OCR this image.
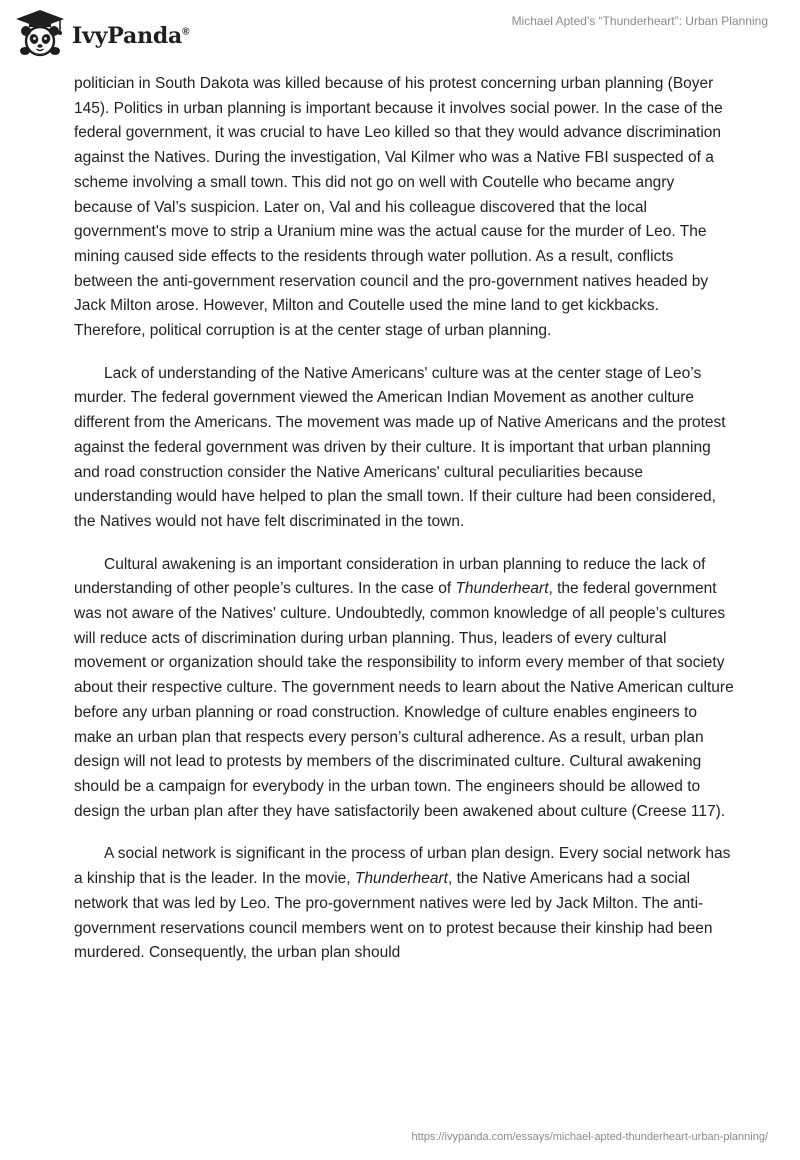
IvyPanda®
Michael Apted's “Thunderheart”: Urban Planning

politician in South Dakota was killed because of his protest concerning urban planning (Boyer 145). Politics in urban planning is important because it involves social power. In the case of the federal government, it was crucial to have Leo killed so that they would advance discrimination against the Natives. During the investigation, Val Kilmer who was a Native FBI suspected of a scheme involving a small town. This did not go on well with Coutelle who became angry because of Val’s suspicion. Later on, Val and his colleague discovered that the local government's move to strip a Uranium mine was the actual cause for the murder of Leo. The mining caused side effects to the residents through water pollution. As a result, conflicts between the anti-government reservation council and the pro-government natives headed by Jack Milton arose. However, Milton and Coutelle used the mine land to get kickbacks. Therefore, political corruption is at the center stage of urban planning.

Lack of understanding of the Native Americans' culture was at the center stage of Leo’s murder. The federal government viewed the American Indian Movement as another culture different from the Americans. The movement was made up of Native Americans and the protest against the federal government was driven by their culture. It is important that urban planning and road construction consider the Native Americans' cultural peculiarities because understanding would have helped to plan the small town. If their culture had been considered, the Natives would not have felt discriminated in the town.

Cultural awakening is an important consideration in urban planning to reduce the lack of understanding of other people’s cultures. In the case of Thunderheart, the federal government was not aware of the Natives' culture. Undoubtedly, common knowledge of all people’s cultures will reduce acts of discrimination during urban planning. Thus, leaders of every cultural movement or organization should take the responsibility to inform every member of that society about their respective culture. The government needs to learn about the Native American culture before any urban planning or road construction. Knowledge of culture enables engineers to make an urban plan that respects every person’s cultural adherence. As a result, urban plan design will not lead to protests by members of the discriminated culture. Cultural awakening should be a campaign for everybody in the urban town. The engineers should be allowed to design the urban plan after they have satisfactorily been awakened about culture (Creese 117).

A social network is significant in the process of urban plan design. Every social network has a kinship that is the leader. In the movie, Thunderheart, the Native Americans had a social network that was led by Leo. The pro-government natives were led by Jack Milton. The anti-government reservations council members went on to protest because their kinship had been murdered. Consequently, the urban plan should

https://ivypanda.com/essays/michael-apted-thunderheart-urban-planning/
